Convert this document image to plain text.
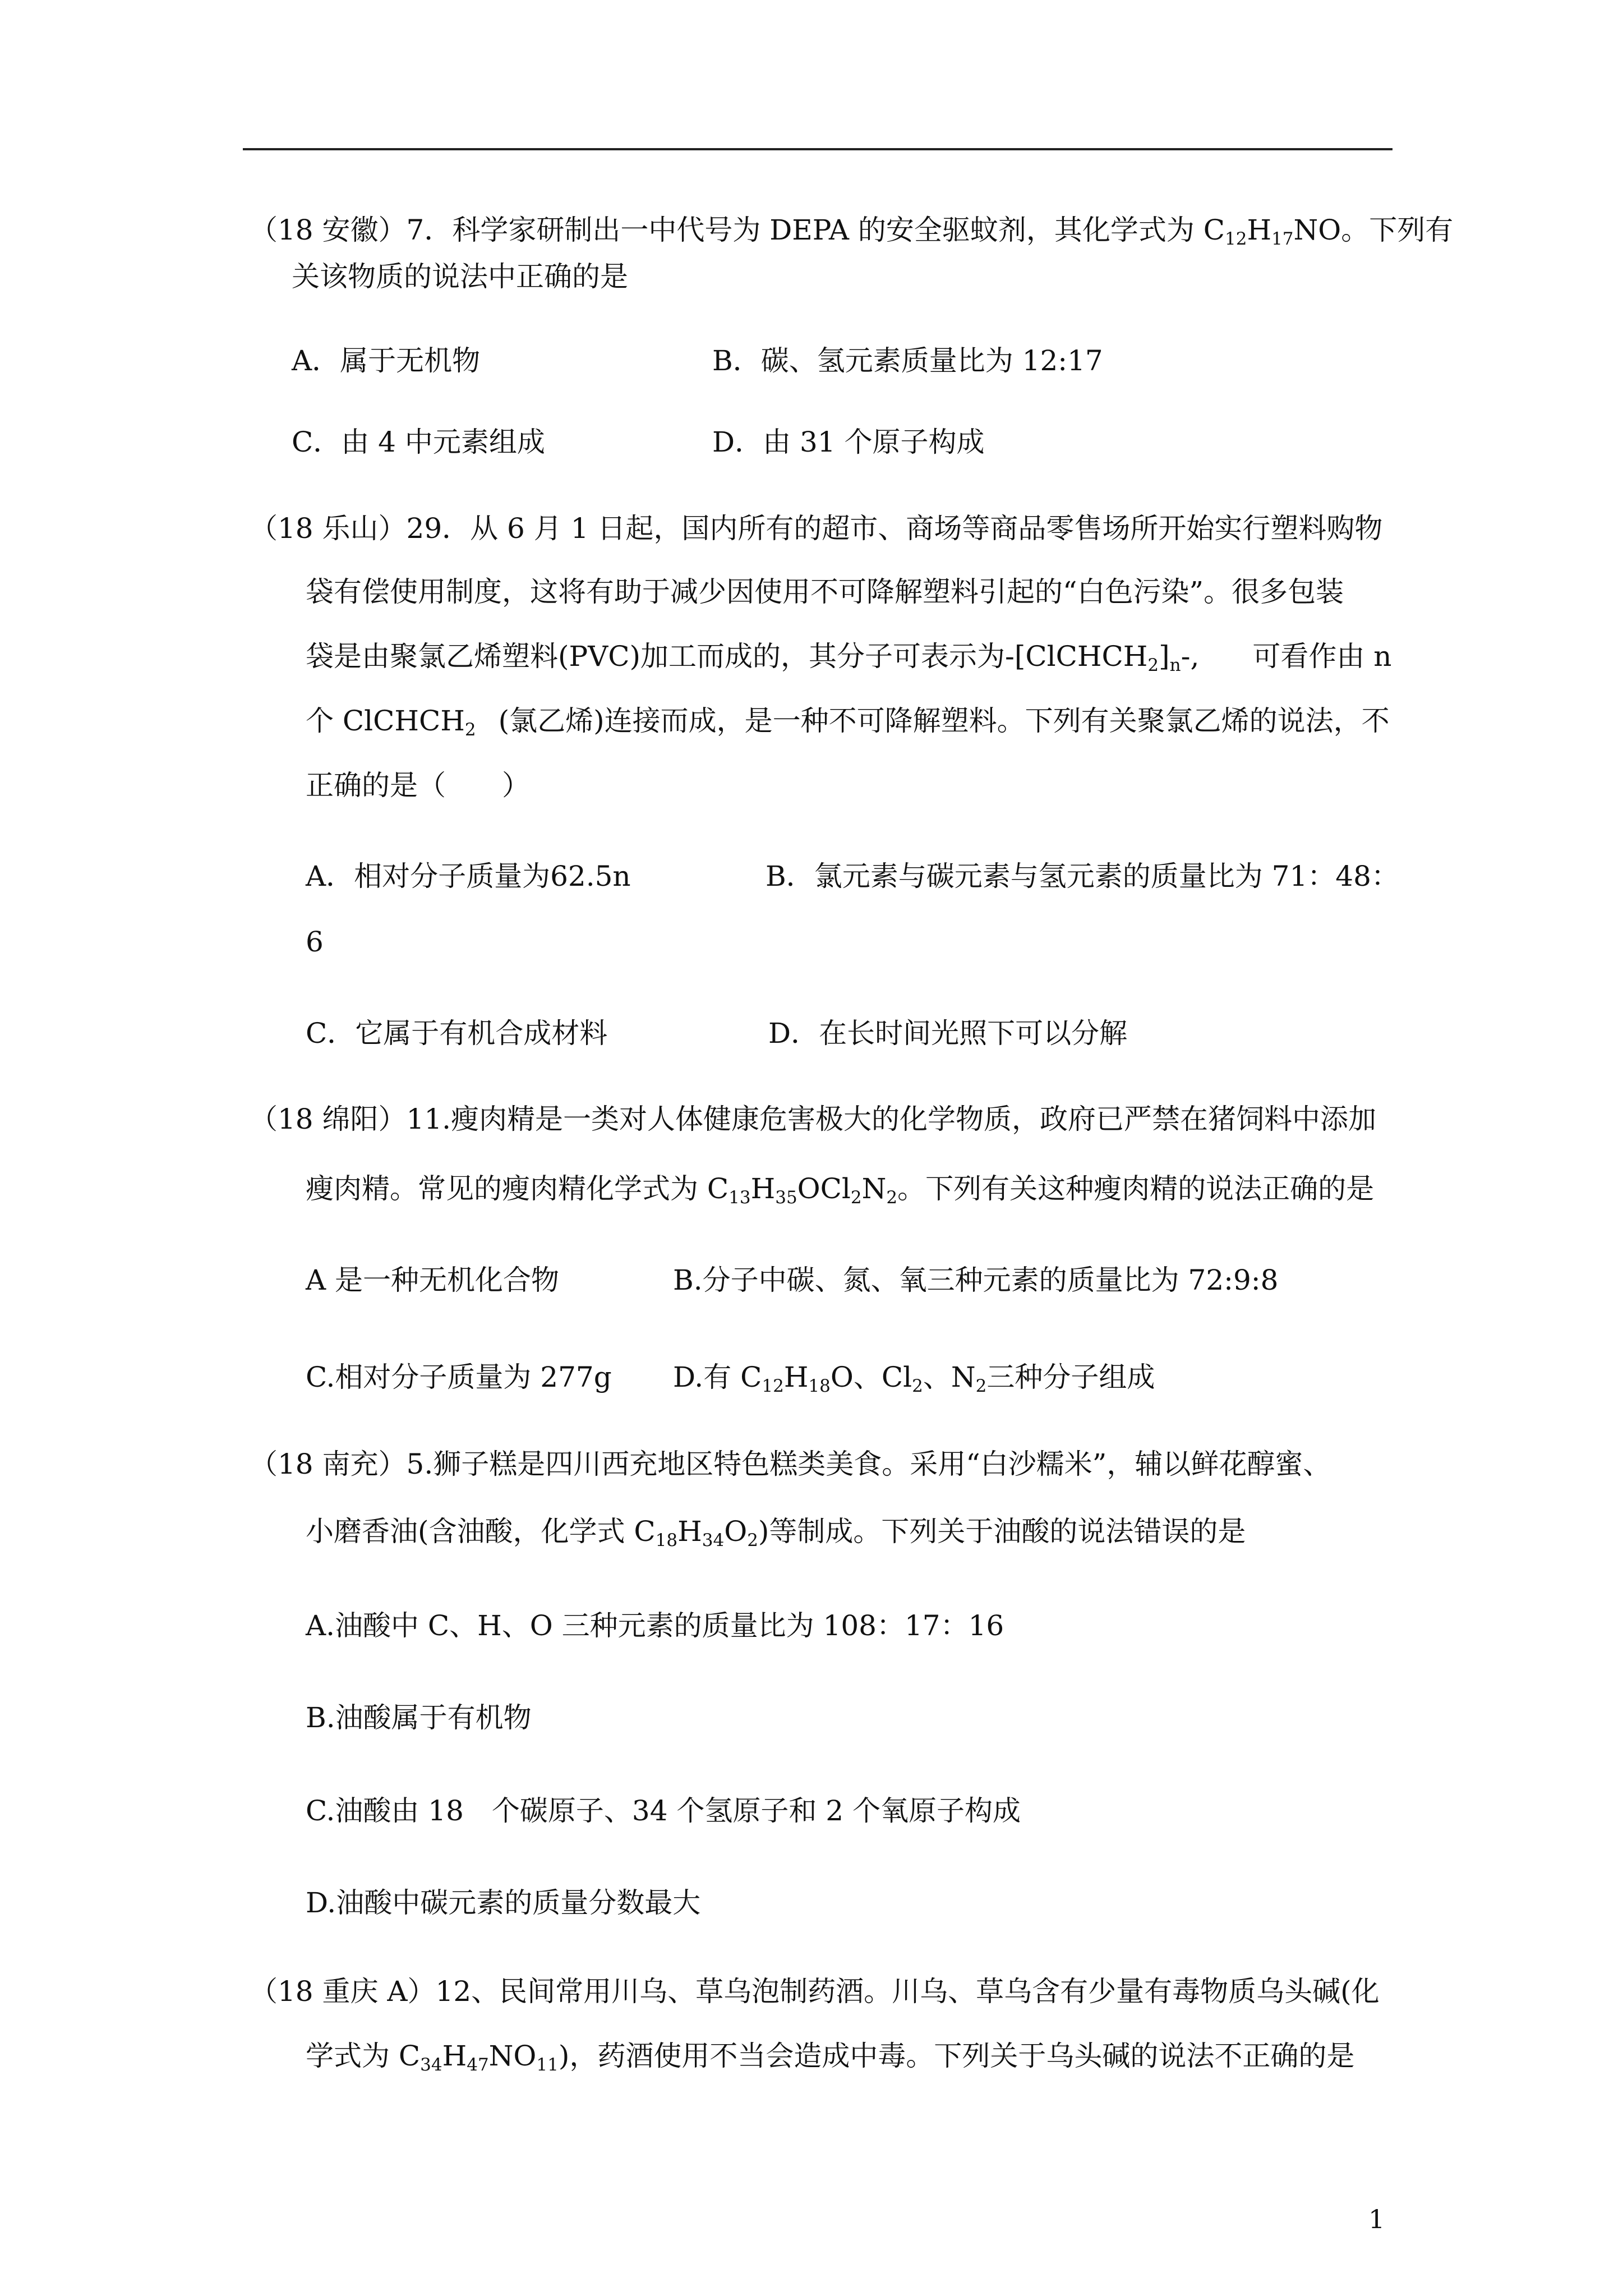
（18 安徽）7．科学家研制出一中代号为 DEPA 的安全驱蚊剂，其化学式为 $C_{12}H_{17}NO$。下列有
关该物质的说法中正确的是
A．属于无机物	B．碳、氢元素质量比为 12:17
C．由 4 中元素组成	D．由 31 个原子构成
（18 乐山）29．从 6 月 1 日起，国内所有的超市、商场等商品零售场所开始实行塑料购物
袋有偿使用制度，这将有助于减少因使用不可降解塑料引起的“白色污染”。很多包装
袋是由聚氯乙烯塑料(PVC)加工而成的，其分子可表示为$-[ClCHCH_2]_n-$, 可看作由 n
个 ClCHCH$_2$ (氯乙烯)连接而成，是一种不可降解塑料。下列有关聚氯乙烯的说法，不
正确的是（　　）
A．相对分子质量为62.5n	B．氯元素与碳元素与氢元素的质量比为 71：48：
6
C．它属于有机合成材料	D．在长时间光照下可以分解
（18 绵阳）11.瘦肉精是一类对人体健康危害极大的化学物质，政府已严禁在猪饲料中添加
瘦肉精。常见的瘦肉精化学式为 $C_{13}H_{35}OCl_2N_2$。下列有关这种瘦肉精的说法正确的是
A 是一种无机化合物	B.分子中碳、氮、氧三种元素的质量比为 72:9:8
C.相对分子质量为 277g D.有 $C_{12}H_{18}O$、$Cl_2$、$N_2$三种分子组成
（18 南充）5.狮子糕是四川西充地区特色糕类美食。采用“白沙糯米”，辅以鲜花醇蜜、
小磨香油(含油酸，化学式 $C_{18}H_{34}O_2$)等制成。下列关于油酸的说法错误的是
A.油酸中 C、H、O 三种元素的质量比为 108：17：16
B.油酸属于有机物
C.油酸由 18　个碳原子、34 个氢原子和 2 个氧原子构成
D.油酸中碳元素的质量分数最大
（18 重庆 A）12、民间常用川乌、草乌泡制药酒。川乌、草乌含有少量有毒物质乌头碱(化
学式为 $C_{34}H_{47}NO_{11}$)，药酒使用不当会造成中毒。下列关于乌头碱的说法不正确的是
1
